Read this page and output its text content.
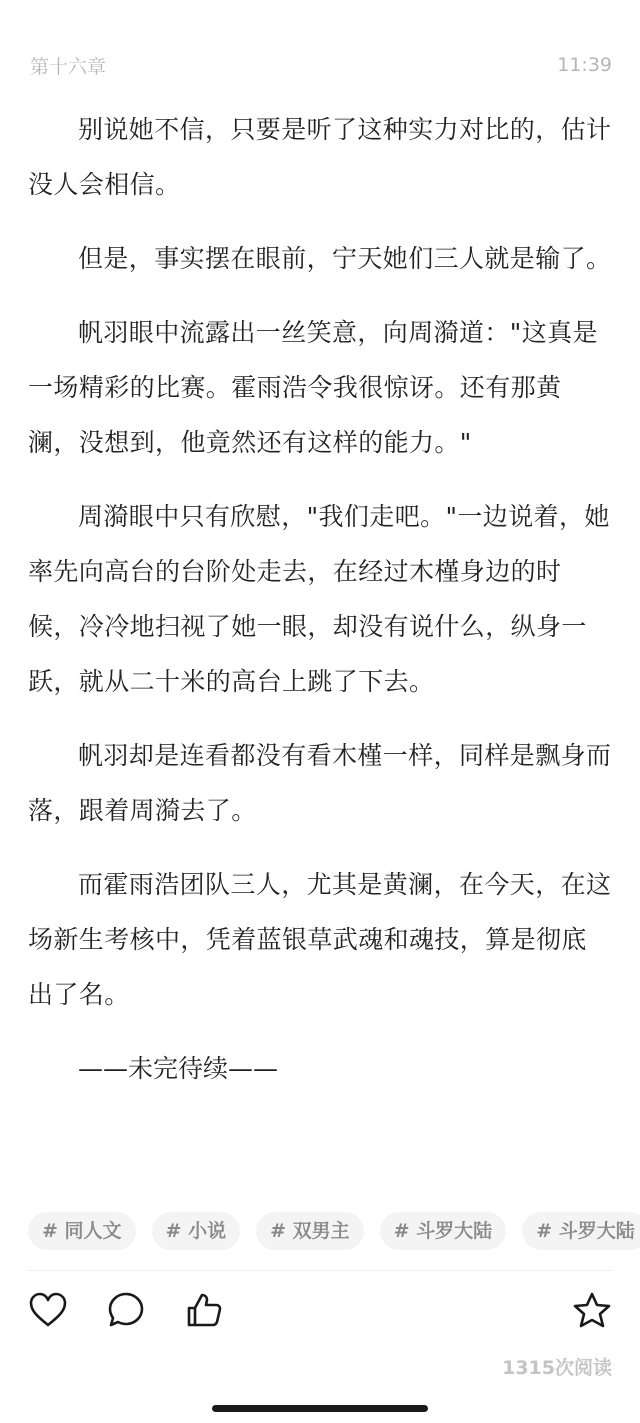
第十六章	11:39

别说她不信，只要是听了这种实力对比的，估计没人会相信。

但是，事实摆在眼前，宁天她们三人就是输了。

帆羽眼中流露出一丝笑意，向周漪道："这真是一场精彩的比赛。霍雨浩令我很惊讶。还有那黄澜，没想到，他竟然还有这样的能力。"

周漪眼中只有欣慰，"我们走吧。"一边说着，她率先向高台的台阶处走去，在经过木槿身边的时候，冷冷地扫视了她一眼，却没有说什么，纵身一跃，就从二十米的高台上跳了下去。

帆羽却是连看都没有看木槿一样，同样是飘身而落，跟着周漪去了。

而霍雨浩团队三人，尤其是黄澜，在今天，在这场新生考核中，凭着蓝银草武魂和魂技，算是彻底出了名。

——未完待续——

# 同人文	# 小说	# 双男主	# 斗罗大陆	# 斗罗大陆
1315次阅读
